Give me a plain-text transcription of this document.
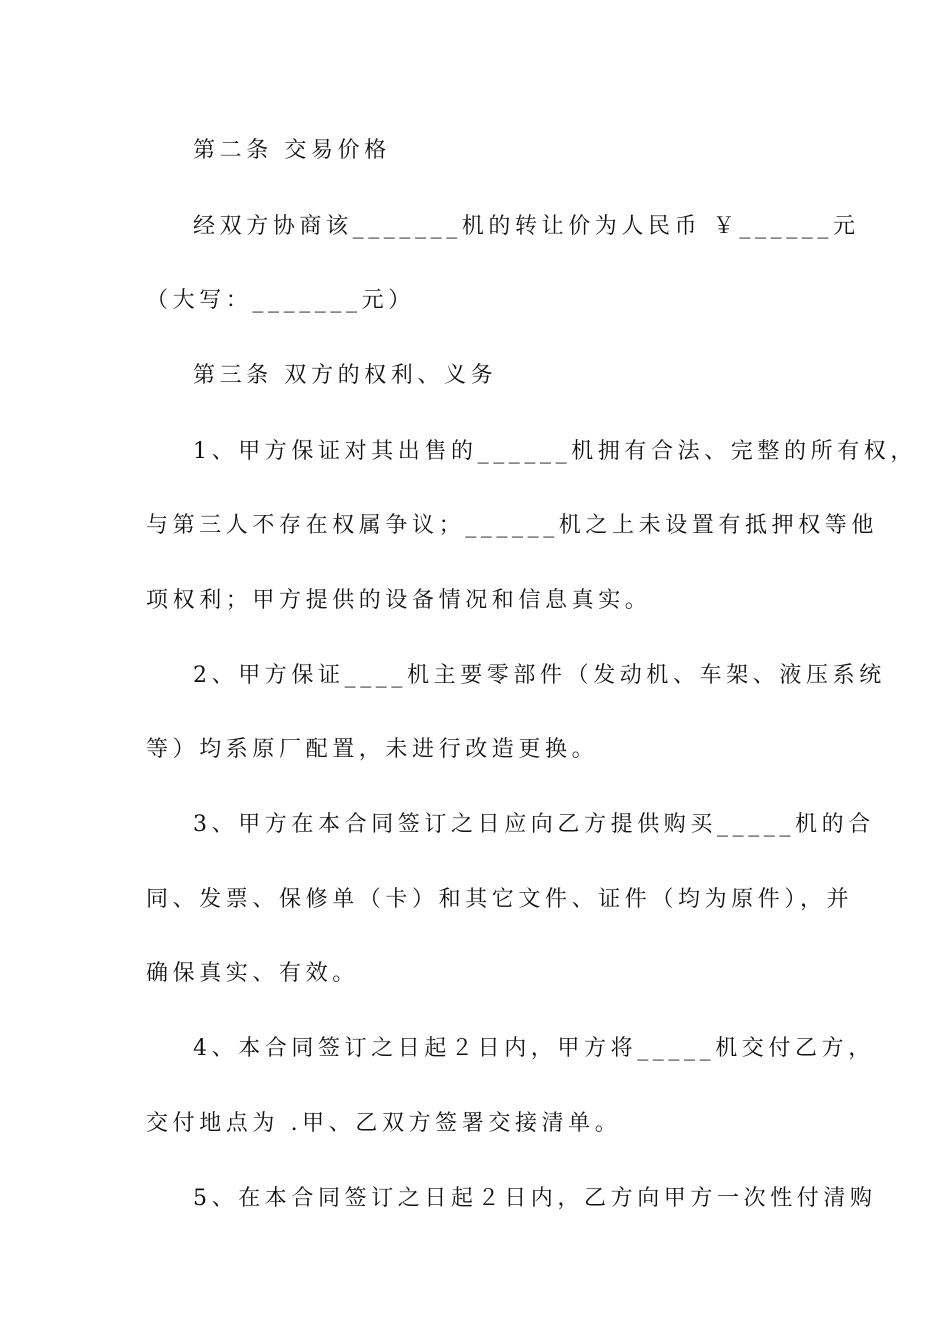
第二条 交易价格

经双方协商该_______机的转让价为人民币 ￥______元

（大写：_______元）

第三条 双方的权利、义务

1、甲方保证对其出售的______机拥有合法、完整的所有权，

与第三人不存在权属争议；______机之上未设置有抵押权等他

项权利；甲方提供的设备情况和信息真实。

2、甲方保证____机主要零部件（发动机、车架、液压系统

等）均系原厂配置，未进行改造更换。

3、甲方在本合同签订之日应向乙方提供购买_____机的合

同、发票、保修单（卡）和其它文件、证件（均为原件），并

确保真实、有效。

4、本合同签订之日起２日内，甲方将_____机交付乙方，

交付地点为 .甲、乙双方签署交接清单。

5、在本合同签订之日起２日内，乙方向甲方一次性付清购
